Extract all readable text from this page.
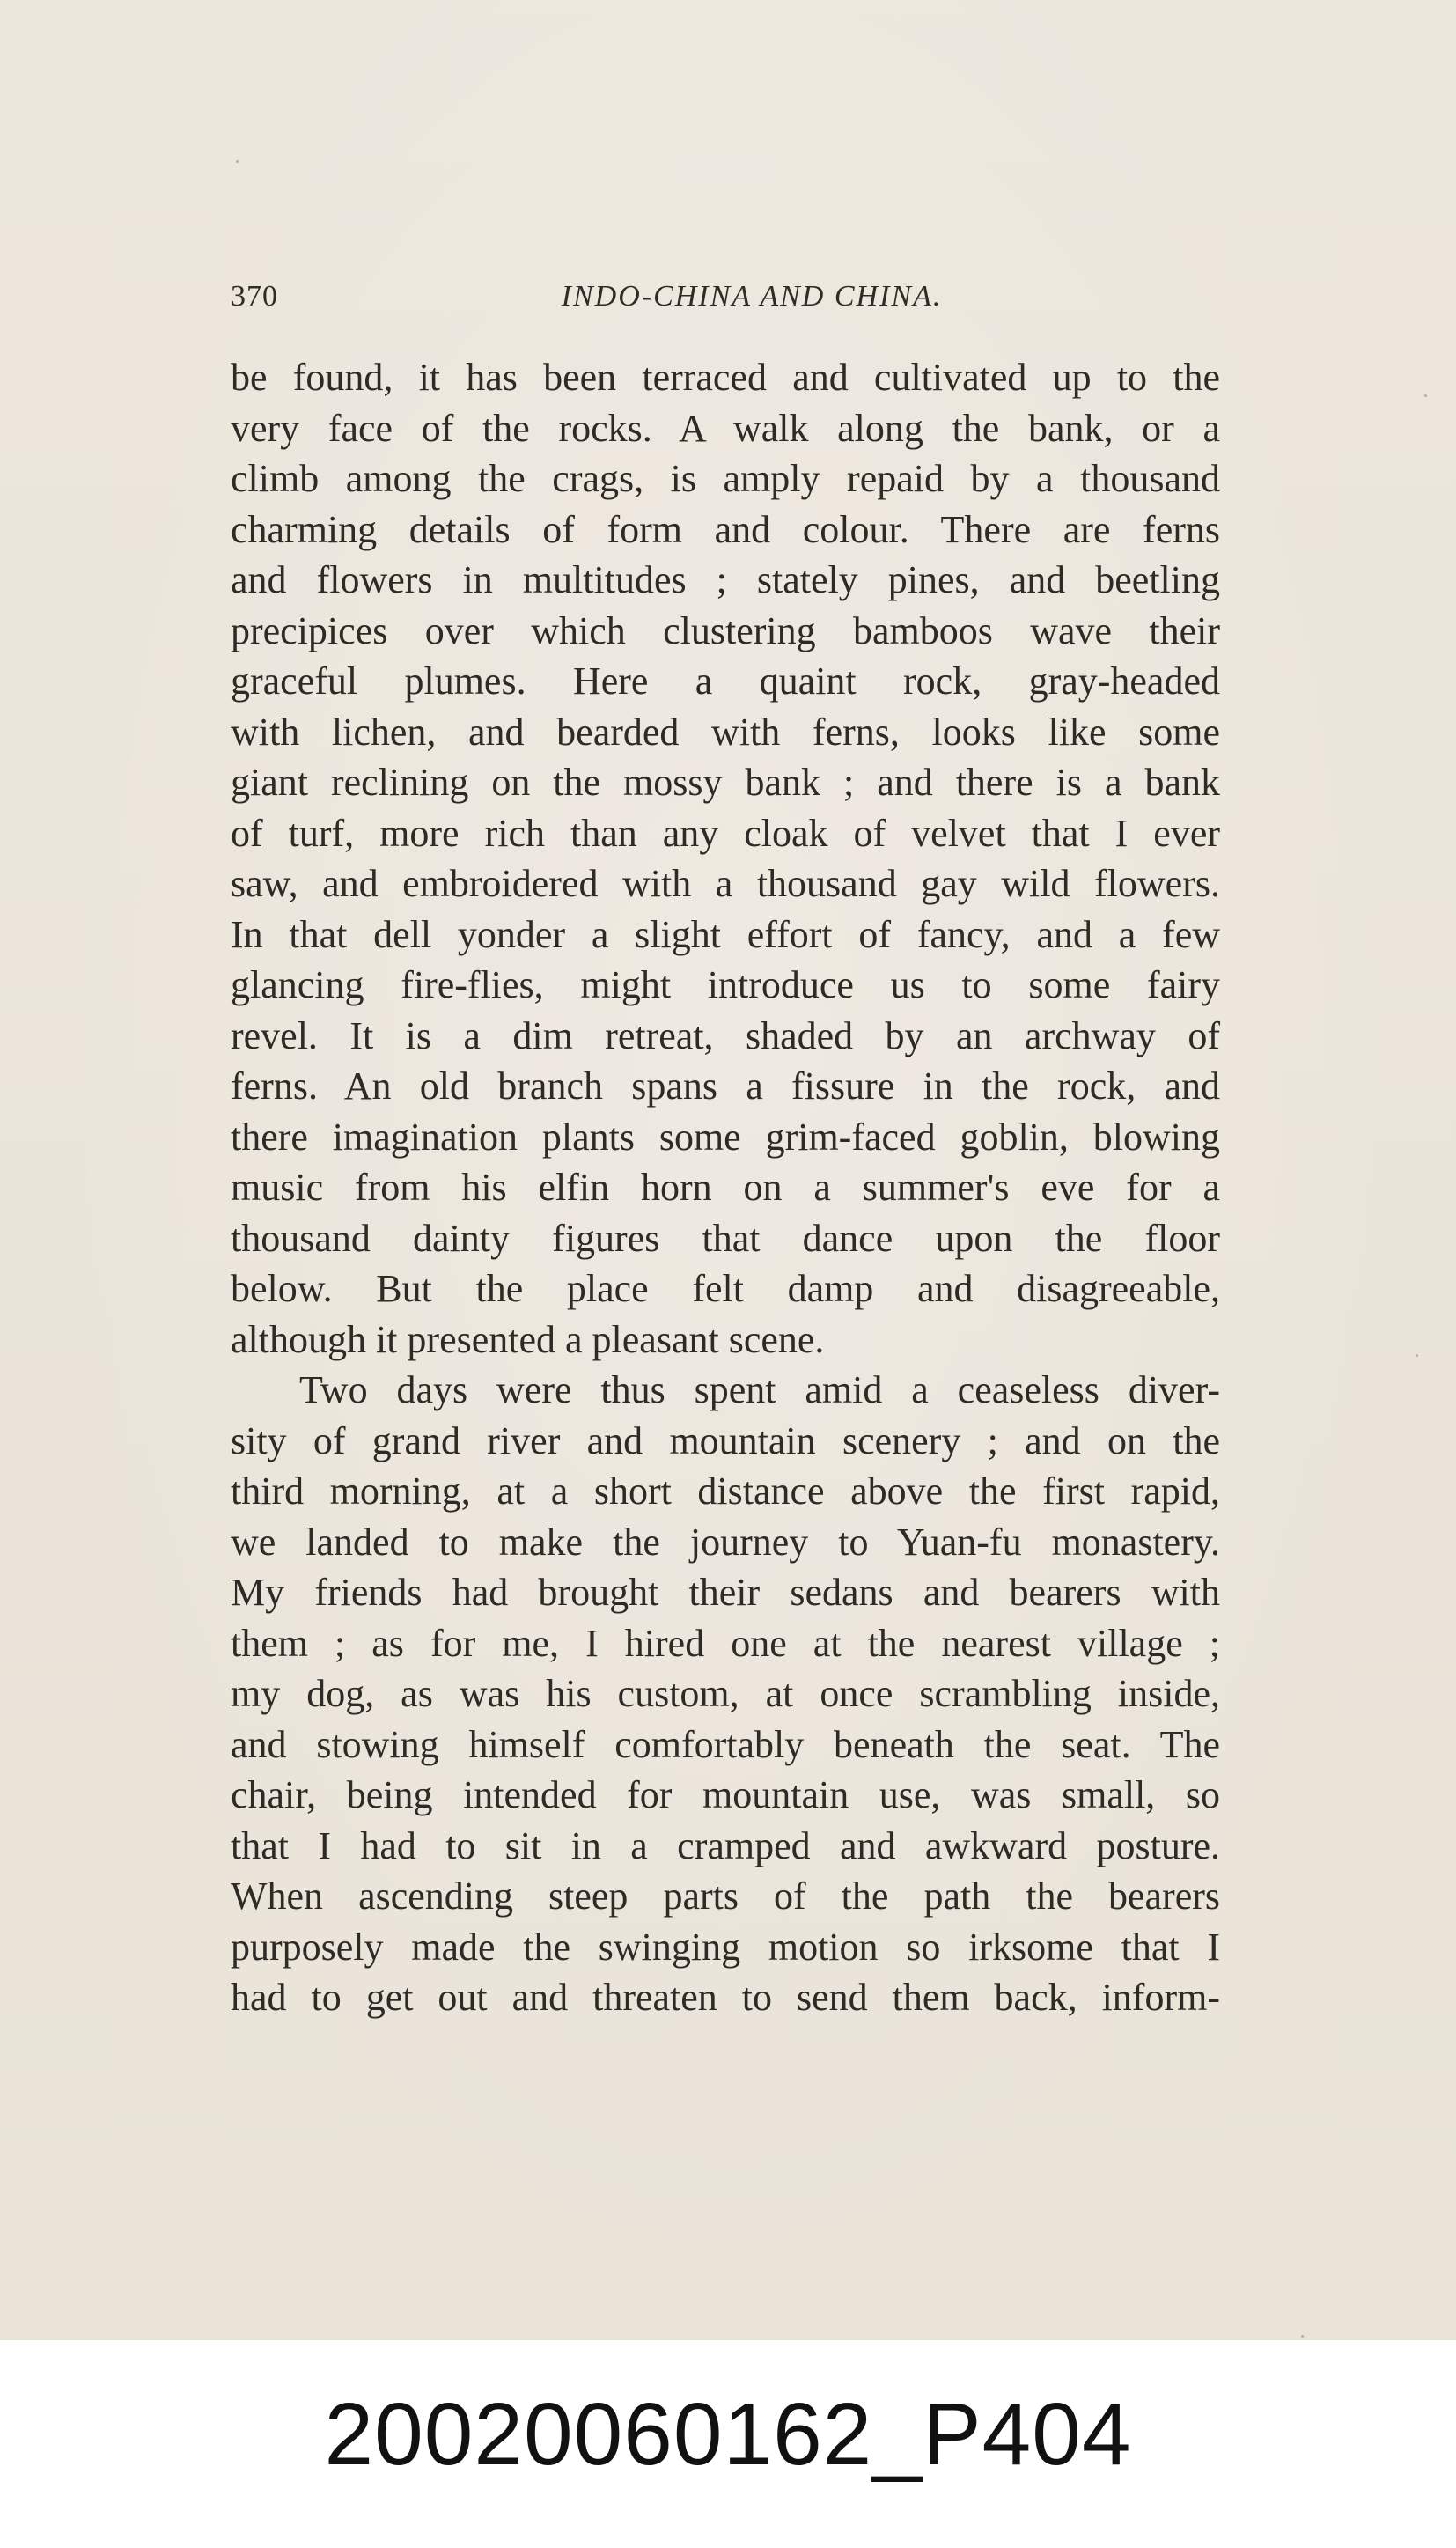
370	INDO-CHINA AND CHINA.
be found, it has been terraced and cultivated up to the
very face of the rocks. A walk along the bank, or a
climb among the crags, is amply repaid by a thousand
charming details of form and colour. There are ferns
and flowers in multitudes ; stately pines, and beetling
precipices over which clustering bamboos wave their
graceful plumes. Here a quaint rock, gray-headed
with lichen, and bearded with ferns, looks like some
giant reclining on the mossy bank ; and there is a bank
of turf, more rich than any cloak of velvet that I ever
saw, and embroidered with a thousand gay wild flowers.
In that dell yonder a slight effort of fancy, and a few
glancing fire-flies, might introduce us to some fairy
revel. It is a dim retreat, shaded by an archway of
ferns. An old branch spans a fissure in the rock, and
there imagination plants some grim-faced goblin, blowing
music from his elfin horn on a summer's eve for a
thousand dainty figures that dance upon the floor
below. But the place felt damp and disagreeable,
although it presented a pleasant scene.
Two days were thus spent amid a ceaseless diver-
sity of grand river and mountain scenery ; and on the
third morning, at a short distance above the first rapid,
we landed to make the journey to Yuan-fu monastery.
My friends had brought their sedans and bearers with
them ; as for me, I hired one at the nearest village ;
my dog, as was his custom, at once scrambling inside,
and stowing himself comfortably beneath the seat. The
chair, being intended for mountain use, was small, so
that I had to sit in a cramped and awkward posture.
When ascending steep parts of the path the bearers
purposely made the swinging motion so irksome that I
had to get out and threaten to send them back, inform-
20020060162_P404
